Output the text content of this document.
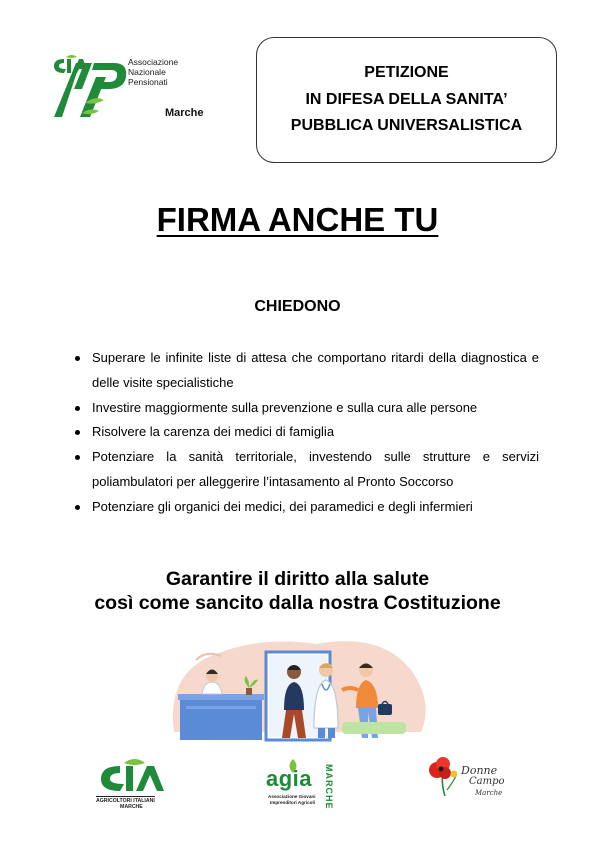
Associazione
Nazionale
Pensionati
Marche
PETIZIONE
IN DIFESA DELLA SANITA’
PUBBLICA UNIVERSALISTICA
FIRMA ANCHE TU
CHIEDONO
Superare le infinite liste di attesa che comportano ritardi della diagnostica e delle visite specialistiche
Investire maggiormente sulla prevenzione e sulla cura alle persone
Risolvere la carenza dei medici di famiglia
Potenziare la sanità territoriale, investendo sulle strutture e servizi poliambulatori per alleggerire l’intasamento al Pronto Soccorso
Potenziare gli organici dei medici, dei paramedici e degli infermieri
Garantire il diritto alla salute
così come sancito dalla nostra Costituzione
AGRICOLTORI ITALIANI
MARCHE
agia MARCHE
Associazione Giovani
Imprenditori Agricoli
Donne
Campo
Marche
